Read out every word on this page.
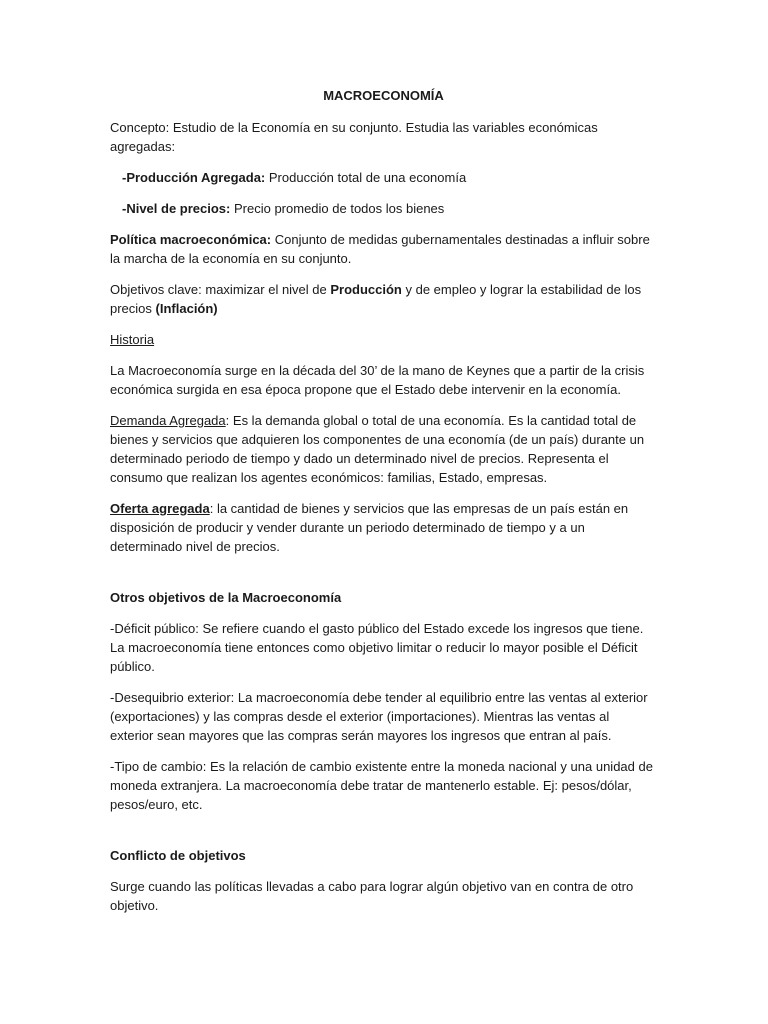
MACROECONOMÍA

Concepto: Estudio de la Economía en su conjunto. Estudia las variables económicas agregadas:

-Producción Agregada: Producción total de una economía

-Nivel de precios: Precio promedio de todos los bienes

Política macroeconómica: Conjunto de medidas gubernamentales destinadas a influir sobre la marcha de la economía en su conjunto.

Objetivos clave: maximizar el nivel de Producción y de empleo y lograr la estabilidad de los precios (Inflación)

Historia

La Macroeconomía surge en la década del 30’ de la mano de Keynes que a partir de la crisis económica surgida en esa época propone que el Estado debe intervenir en la economía.

Demanda Agregada: Es la demanda global o total de una economía. Es la cantidad total de bienes y servicios que adquieren los componentes de una economía (de un país) durante un determinado periodo de tiempo y dado un determinado nivel de precios. Representa el consumo que realizan los agentes económicos: familias, Estado, empresas.

Oferta agregada: la cantidad de bienes y servicios que las empresas de un país están en disposición de producir y vender durante un periodo determinado de tiempo y a un determinado nivel de precios.

Otros objetivos de la Macroeconomía

-Déficit público: Se refiere cuando el gasto público del Estado excede los ingresos que tiene. La macroeconomía tiene entonces como objetivo limitar o reducir lo mayor posible el Déficit público.

-Desequibrio exterior: La macroeconomía debe tender al equilibrio entre las ventas al exterior (exportaciones) y las compras desde el exterior (importaciones). Mientras las ventas al exterior sean mayores que las compras serán mayores los ingresos que entran al país.

-Tipo de cambio: Es la relación de cambio existente entre la moneda nacional y una unidad de moneda extranjera. La macroeconomía debe tratar de mantenerlo estable. Ej: pesos/dólar, pesos/euro, etc.

Conflicto de objetivos

Surge cuando las políticas llevadas a cabo para lograr algún objetivo van en contra de otro objetivo.
